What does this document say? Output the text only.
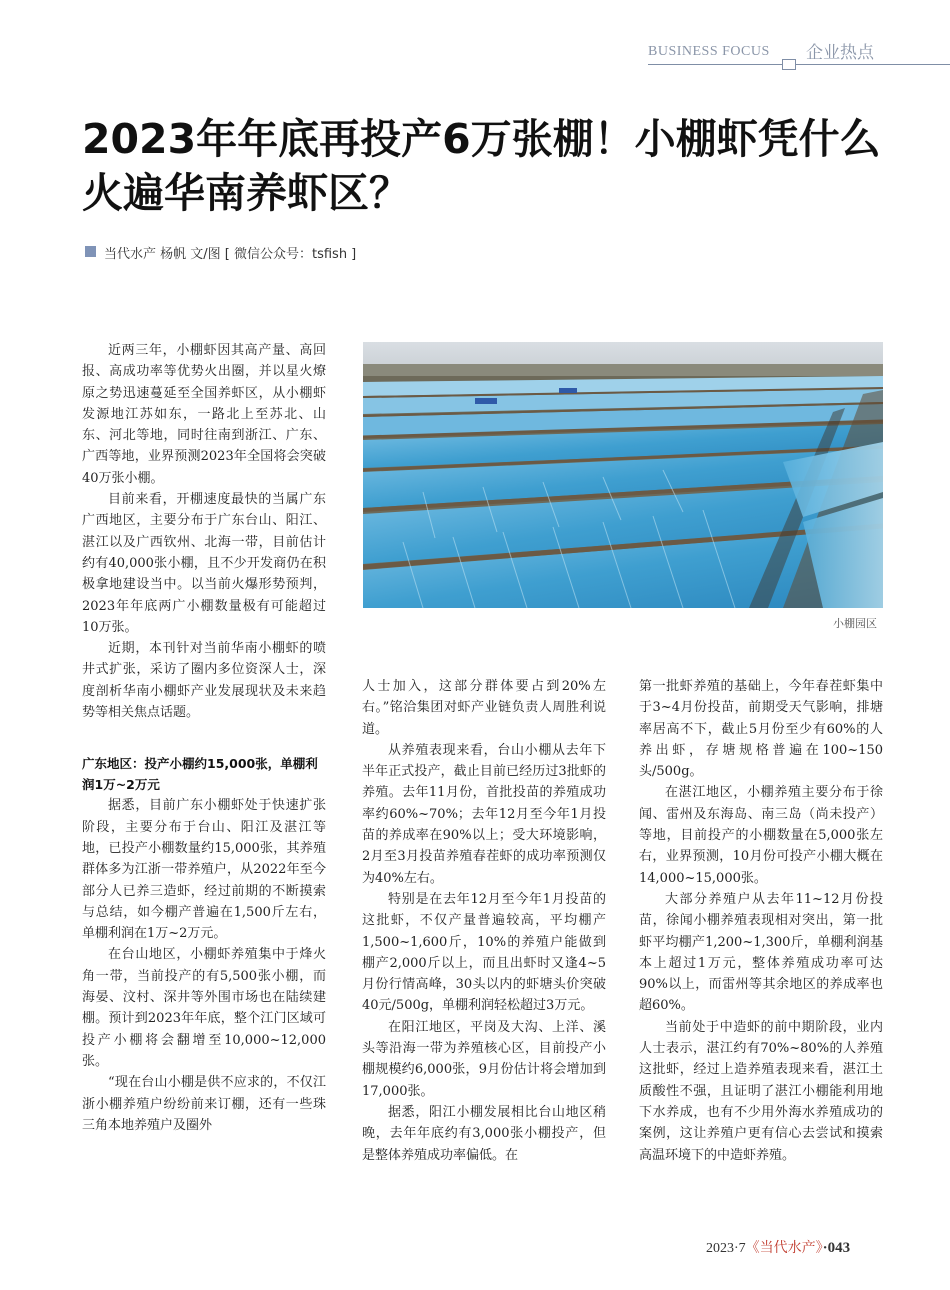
BUSINESS FOCUS 企业热点
2023年年底再投产6万张棚！小棚虾凭什么火遍华南养虾区？
当代水产 杨帆 文/图 [ 微信公众号：tsfish ]
小棚园区

近两三年，小棚虾因其高产量、高回报、高成功率等优势火出圈，并以星火燎原之势迅速蔓延至全国养虾区，从小棚虾发源地江苏如东，一路北上至苏北、山东、河北等地，同时往南到浙江、广东、广西等地，业界预测2023年全国将会突破40万张小棚。

目前来看，开棚速度最快的当属广东广西地区，主要分布于广东台山、阳江、湛江以及广西钦州、北海一带，目前估计约有40,000张小棚，且不少开发商仍在积极拿地建设当中。以当前火爆形势预判，2023年年底两广小棚数量极有可能超过10万张。

近期，本刊针对当前华南小棚虾的喷井式扩张，采访了圈内多位资深人士，深度剖析华南小棚虾产业发展现状及未来趋势等相关焦点话题。

广东地区：投产小棚约15,000张，单棚利润1万~2万元

据悉，目前广东小棚虾处于快速扩张阶段，主要分布于台山、阳江及湛江等地，已投产小棚数量约15,000张，其养殖群体多为江浙一带养殖户，从2022年至今部分人已养三造虾，经过前期的不断摸索与总结，如今棚产普遍在1,500斤左右，单棚利润在1万~2万元。

在台山地区，小棚虾养殖集中于烽火角一带，当前投产的有5,500张小棚，而海晏、汶村、深井等外围市场也在陆续建棚。预计到2023年年底，整个江门区域可投产小棚将会翻增至10,000~12,000张。

“现在台山小棚是供不应求的，不仅江浙小棚养殖户纷纷前来订棚，还有一些珠三角本地养殖户及圈外

人士加入，这部分群体要占到20%左右。”铭洽集团对虾产业链负责人周胜利说道。

从养殖表现来看，台山小棚从去年下半年正式投产，截止目前已经历过3批虾的养殖。去年11月份，首批投苗的养殖成功率约60%~70%；去年12月至今年1月投苗的养成率在90%以上；受大环境影响，2月至3月投苗养殖春茬虾的成功率预测仅为40%左右。

特别是在去年12月至今年1月投苗的这批虾，不仅产量普遍较高，平均棚产1,500~1,600斤，10%的养殖户能做到棚产2,000斤以上，而且出虾时又逢4~5月份行情高峰，30头以内的虾塘头价突破40元/500g，单棚利润轻松超过3万元。

在阳江地区，平岗及大沟、上洋、溪头等沿海一带为养殖核心区，目前投产小棚规模约6,000张，9月份估计将会增加到17,000张。

据悉，阳江小棚发展相比台山地区稍晚，去年年底约有3,000张小棚投产，但是整体养殖成功率偏低。在

第一批虾养殖的基础上，今年春茬虾集中于3~4月份投苗，前期受天气影响，排塘率居高不下，截止5月份至少有60%的人养出虾，存塘规格普遍在100~150头/500g。

在湛江地区，小棚养殖主要分布于徐闻、雷州及东海岛、南三岛（尚未投产）等地，目前投产的小棚数量在5,000张左右，业界预测，10月份可投产小棚大概在14,000~15,000张。

大部分养殖户从去年11~12月份投苗，徐闻小棚养殖表现相对突出，第一批虾平均棚产1,200~1,300斤，单棚利润基本上超过1万元，整体养殖成功率可达90%以上，而雷州等其余地区的养成率也超60%。

当前处于中造虾的前中期阶段，业内人士表示，湛江约有70%~80%的人养殖这批虾，经过上造养殖表现来看，湛江土质酸性不强，且证明了湛江小棚能利用地下水养成，也有不少用外海水养殖成功的案例，这让养殖户更有信心去尝试和摸索高温环境下的中造虾养殖。

2023·7《当代水产》·043
